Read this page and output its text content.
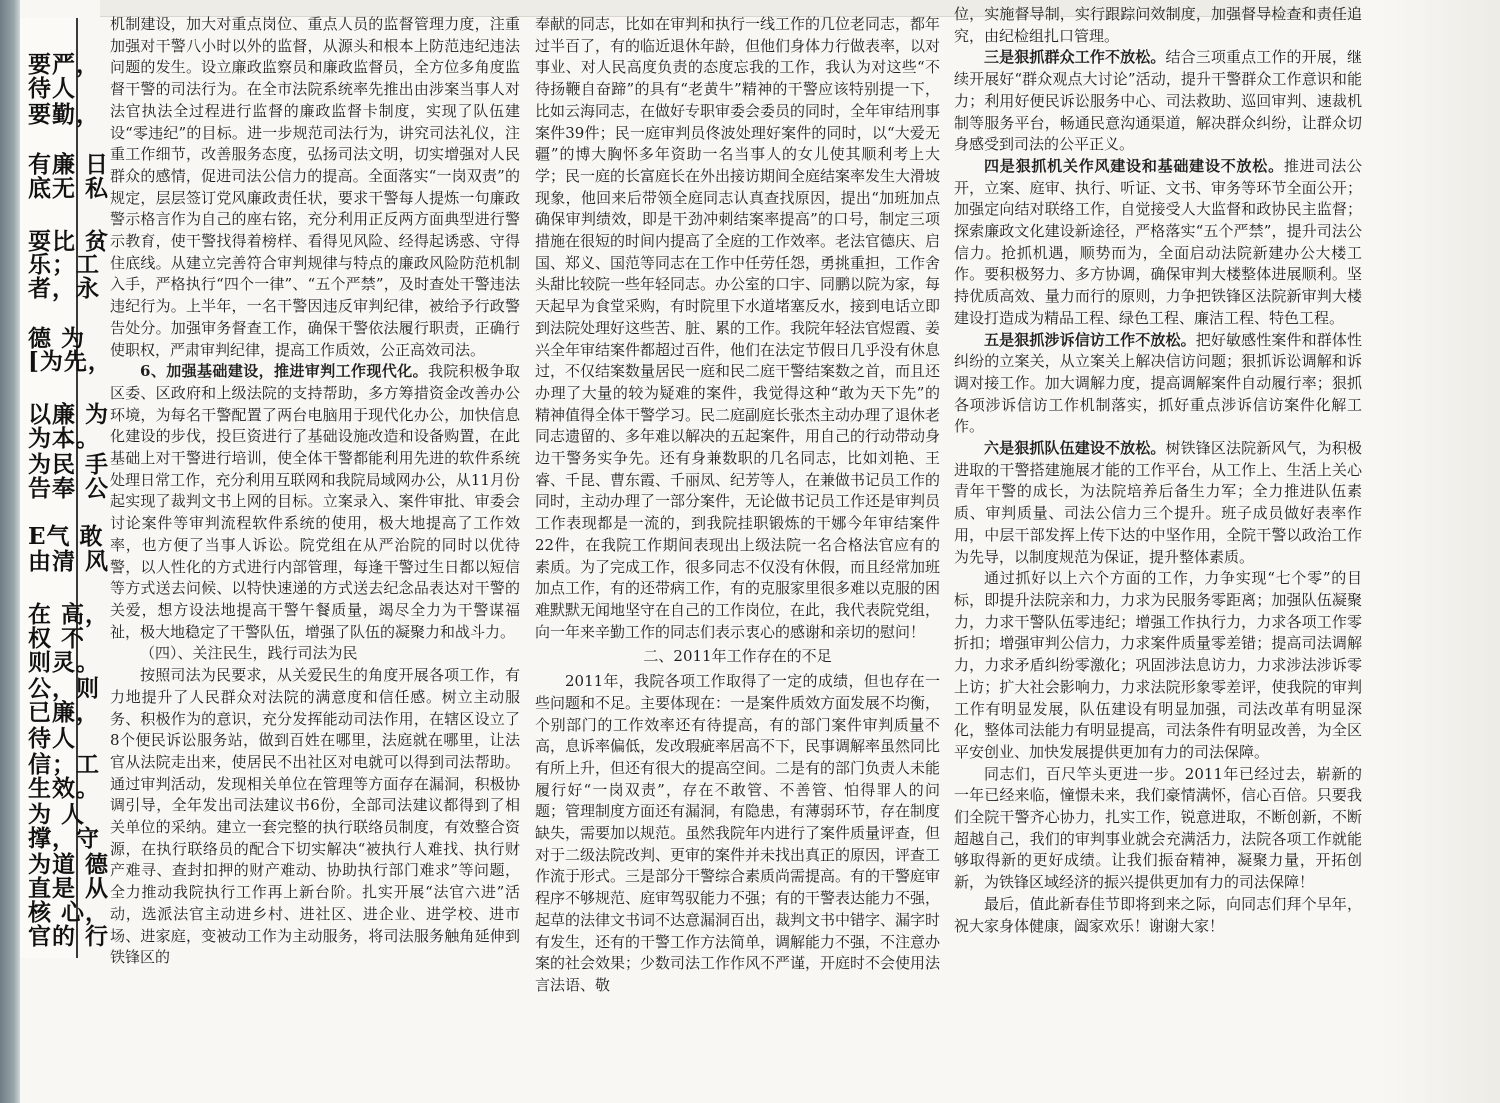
要严，
待人
要勤，
有廉 日
底无 私
耍比 贫
乐；工
者，永
德 为
[为先，
以廉 为
为本。
为民 手
告奉 公
E气 敢
由清 风
在 高，
权 不
则灵。
公，则
已廉，
待人
信；工
生效。
为 人
撑，守
为道 德
直是 从
核 心，
官的 行

机制建设，加大对重点岗位、重点人员的监督管理力度，注重加强对干警八小时以外的监督，从源头和根本上防范违纪违法问题的发生。设立廉政监察员和廉政监督员，全方位多角度监督干警的司法行为。在全市法院系统率先推出由涉案当事人对法官执法全过程进行监督的廉政监督卡制度，实现了队伍建设“零违纪”的目标。进一步规范司法行为，讲究司法礼仪，注重工作细节，改善服务态度，弘扬司法文明，切实增强对人民群众的感情，促进司法公信力的提高。全面落实“一岗双责”的规定，层层签订党风廉政责任状，要求干警每人提炼一句廉政警示格言作为自己的座右铭，充分利用正反两方面典型进行警示教育，使干警找得着榜样、看得见风险、经得起诱惑、守得住底线。从建立完善符合审判规律与特点的廉政风险防范机制入手，严格执行“四个一律”、“五个严禁”，及时查处干警违法违纪行为。上半年，一名干警因违反审判纪律，被给予行政警告处分。加强审务督查工作，确保干警依法履行职责，正确行使职权，严肃审判纪律，提高工作质效，公正高效司法。

6、加强基础建设，推进审判工作现代化。我院积极争取区委、区政府和上级法院的支持帮助，多方筹措资金改善办公环境，为每名干警配置了两台电脑用于现代化办公，加快信息化建设的步伐，投巨资进行了基础设施改造和设备购置，在此基础上对干警进行培训，使全体干警都能利用先进的软件系统处理日常工作，充分利用互联网和我院局域网办公，从11月份起实现了裁判文书上网的目标。立案录入、案件审批、审委会讨论案件等审判流程软件系统的使用，极大地提高了工作效率，也方便了当事人诉讼。院党组在从严治院的同时以优待警，以人性化的方式进行内部管理，每逢干警过生日都以短信等方式送去问候、以特快速递的方式送去纪念品表达对干警的关爱，想方设法地提高干警午餐质量，竭尽全力为干警谋福祉，极大地稳定了干警队伍，增强了队伍的凝聚力和战斗力。

（四）、关注民生，践行司法为民

按照司法为民要求，从关爱民生的角度开展各项工作，有力地提升了人民群众对法院的满意度和信任感。树立主动服务、积极作为的意识，充分发挥能动司法作用，在辖区设立了8个便民诉讼服务站，做到百姓在哪里，法庭就在哪里，让法官从法院走出来，使居民不出社区对电就可以得到司法帮助。通过审判活动，发现相关单位在管理等方面存在漏洞，积极协调引导，全年发出司法建议书6份，全部司法建议都得到了相关单位的采纳。建立一套完整的执行联络员制度，有效整合资源，在执行联络员的配合下切实解决“被执行人难找、执行财产难寻、查封扣押的财产难动、协助执行部门难求”等问题，全力推动我院执行工作再上新台阶。扎实开展“法官六进”活动，选派法官主动进乡村、进社区、进企业、进学校、进市场、进家庭，变被动工作为主动服务，将司法服务触角延伸到铁锋区的

奉献的同志，比如在审判和执行一线工作的几位老同志，都年过半百了，有的临近退休年龄，但他们身体力行做表率，以对事业、对人民高度负责的态度忘我的工作，我认为对这些“不待扬鞭自奋蹄”的具有“老黄牛”精神的干警应该特别提一下，比如云海同志，在做好专职审委会委员的同时，全年审结刑事案件39件；民一庭审判员佟波处理好案件的同时，以“大爱无疆”的博大胸怀多年资助一名当事人的女儿使其顺利考上大学；民一庭的长富庭长在外出接访期间全庭结案率发生大滑坡现象，他回来后带领全庭同志认真查找原因，提出“加班加点确保审判绩效，即是干劲冲刺结案率提高”的口号，制定三项措施在很短的时间内提高了全庭的工作效率。老法官德庆、启国、郑义、国范等同志在工作中任劳任怨，勇挑重担，工作舍头甜比较院一些年轻同志。办公室的口宇、同鹏以院为家，每天起早为食堂采购，有时院里下水道堵塞反水，接到电话立即到法院处理好这些苦、脏、累的工作。我院年轻法官煜霞、姜兴全年审结案件都超过百件，他们在法定节假日几乎没有休息过，不仅结案数量居民一庭和民二庭干警结案数之首，而且还办理了大量的较为疑难的案件，我觉得这种“敢为天下先”的精神值得全体干警学习。民二庭副庭长张杰主动办理了退休老同志遗留的、多年难以解决的五起案件，用自己的行动带动身边干警务实争先。还有身兼数职的几名同志，比如刘艳、王睿、千昆、曹东霞、千丽凤、纪芳等人，在兼做书记员工作的同时，主动办理了一部分案件，无论做书记员工作还是审判员工作表现都是一流的，到我院挂职锻炼的干娜今年审结案件22件，在我院工作期间表现出上级法院一名合格法官应有的素质。为了完成工作，很多同志不仅没有休假，而且经常加班加点工作，有的还带病工作，有的克服家里很多难以克服的困难默默无闻地坚守在自己的工作岗位，在此，我代表院党组，向一年来辛勤工作的同志们表示衷心的感谢和亲切的慰问！

二、2011年工作存在的不足

2011年，我院各项工作取得了一定的成绩，但也存在一些问题和不足。主要体现在：一是案件质效方面发展不均衡，个别部门的工作效率还有待提高，有的部门案件审判质量不高，息诉率偏低，发改瑕疵率居高不下，民事调解率虽然同比有所上升，但还有很大的提高空间。二是有的部门负责人未能履行好“一岗双责”，存在不敢管、不善管、怕得罪人的问题；管理制度方面还有漏洞，有隐患，有薄弱环节，存在制度缺失，需要加以规范。虽然我院年内进行了案件质量评查，但对于二级法院改判、更审的案件并未找出真正的原因，评查工作流于形式。三是部分干警综合素质尚需提高。有的干警庭审程序不够规范、庭审驾驭能力不强；有的干警表达能力不强，起草的法律文书词不达意漏洞百出，裁判文书中错字、漏字时有发生，还有的干警工作方法简单，调解能力不强，不注意办案的社会效果；少数司法工作作风不严谨，开庭时不会使用法言法语、敬

位，实施督导制，实行跟踪问效制度，加强督导检查和责任追究，由纪检组扎口管理。

三是狠抓群众工作不放松。结合三项重点工作的开展，继续开展好“群众观点大讨论”活动，提升干警群众工作意识和能力；利用好便民诉讼服务中心、司法救助、巡回审判、速裁机制等服务平台，畅通民意沟通渠道，解决群众纠纷，让群众切身感受到司法的公平正义。

四是狠抓机关作风建设和基础建设不放松。推进司法公开，立案、庭审、执行、听证、文书、审务等环节全面公开；加强定向结对联络工作，自觉接受人大监督和政协民主监督；探索廉政文化建设新途径，严格落实“五个严禁”，提升司法公信力。抢抓机遇，顺势而为，全面启动法院新建办公大楼工作。要积极努力、多方协调，确保审判大楼整体进展顺利。坚持优质高效、量力而行的原则，力争把铁锋区法院新审判大楼建设打造成为精品工程、绿色工程、廉洁工程、特色工程。

五是狠抓涉诉信访工作不放松。把好敏感性案件和群体性纠纷的立案关，从立案关上解决信访问题；狠抓诉讼调解和诉调对接工作。加大调解力度，提高调解案件自动履行率；狠抓各项涉诉信访工作机制落实，抓好重点涉诉信访案件化解工作。

六是狠抓队伍建设不放松。树铁锋区法院新风气，为积极进取的干警搭建施展才能的工作平台，从工作上、生活上关心青年干警的成长，为法院培养后备生力军；全力推进队伍素质、审判质量、司法公信力三个提升。班子成员做好表率作用，中层干部发挥上传下达的中坚作用，全院干警以政治工作为先导，以制度规范为保证，提升整体素质。

通过抓好以上六个方面的工作，力争实现“七个零”的目标，即提升法院亲和力，力求为民服务零距离；加强队伍凝聚力，力求干警队伍零违纪；增强工作执行力，力求各项工作零折扣；增强审判公信力，力求案件质量零差错；提高司法调解力，力求矛盾纠纷零激化；巩固涉法息访力，力求涉法涉诉零上访；扩大社会影响力，力求法院形象零差评，使我院的审判工作有明显发展，队伍建设有明显加强，司法改革有明显深化，整体司法能力有明显提高，司法条件有明显改善，为全区平安创业、加快发展提供更加有力的司法保障。

同志们，百尺竿头更进一步。2011年已经过去，崭新的一年已经来临，憧憬未来，我们豪情满怀，信心百倍。只要我们全院干警齐心协力，扎实工作，锐意进取，不断创新，不断超越自己，我们的审判事业就会充满活力，法院各项工作就能够取得新的更好成绩。让我们振奋精神，凝聚力量，开拓创新，为铁锋区域经济的振兴提供更加有力的司法保障！

最后，值此新春佳节即将到来之际，向同志们拜个早年，祝大家身体健康，阖家欢乐！谢谢大家！
